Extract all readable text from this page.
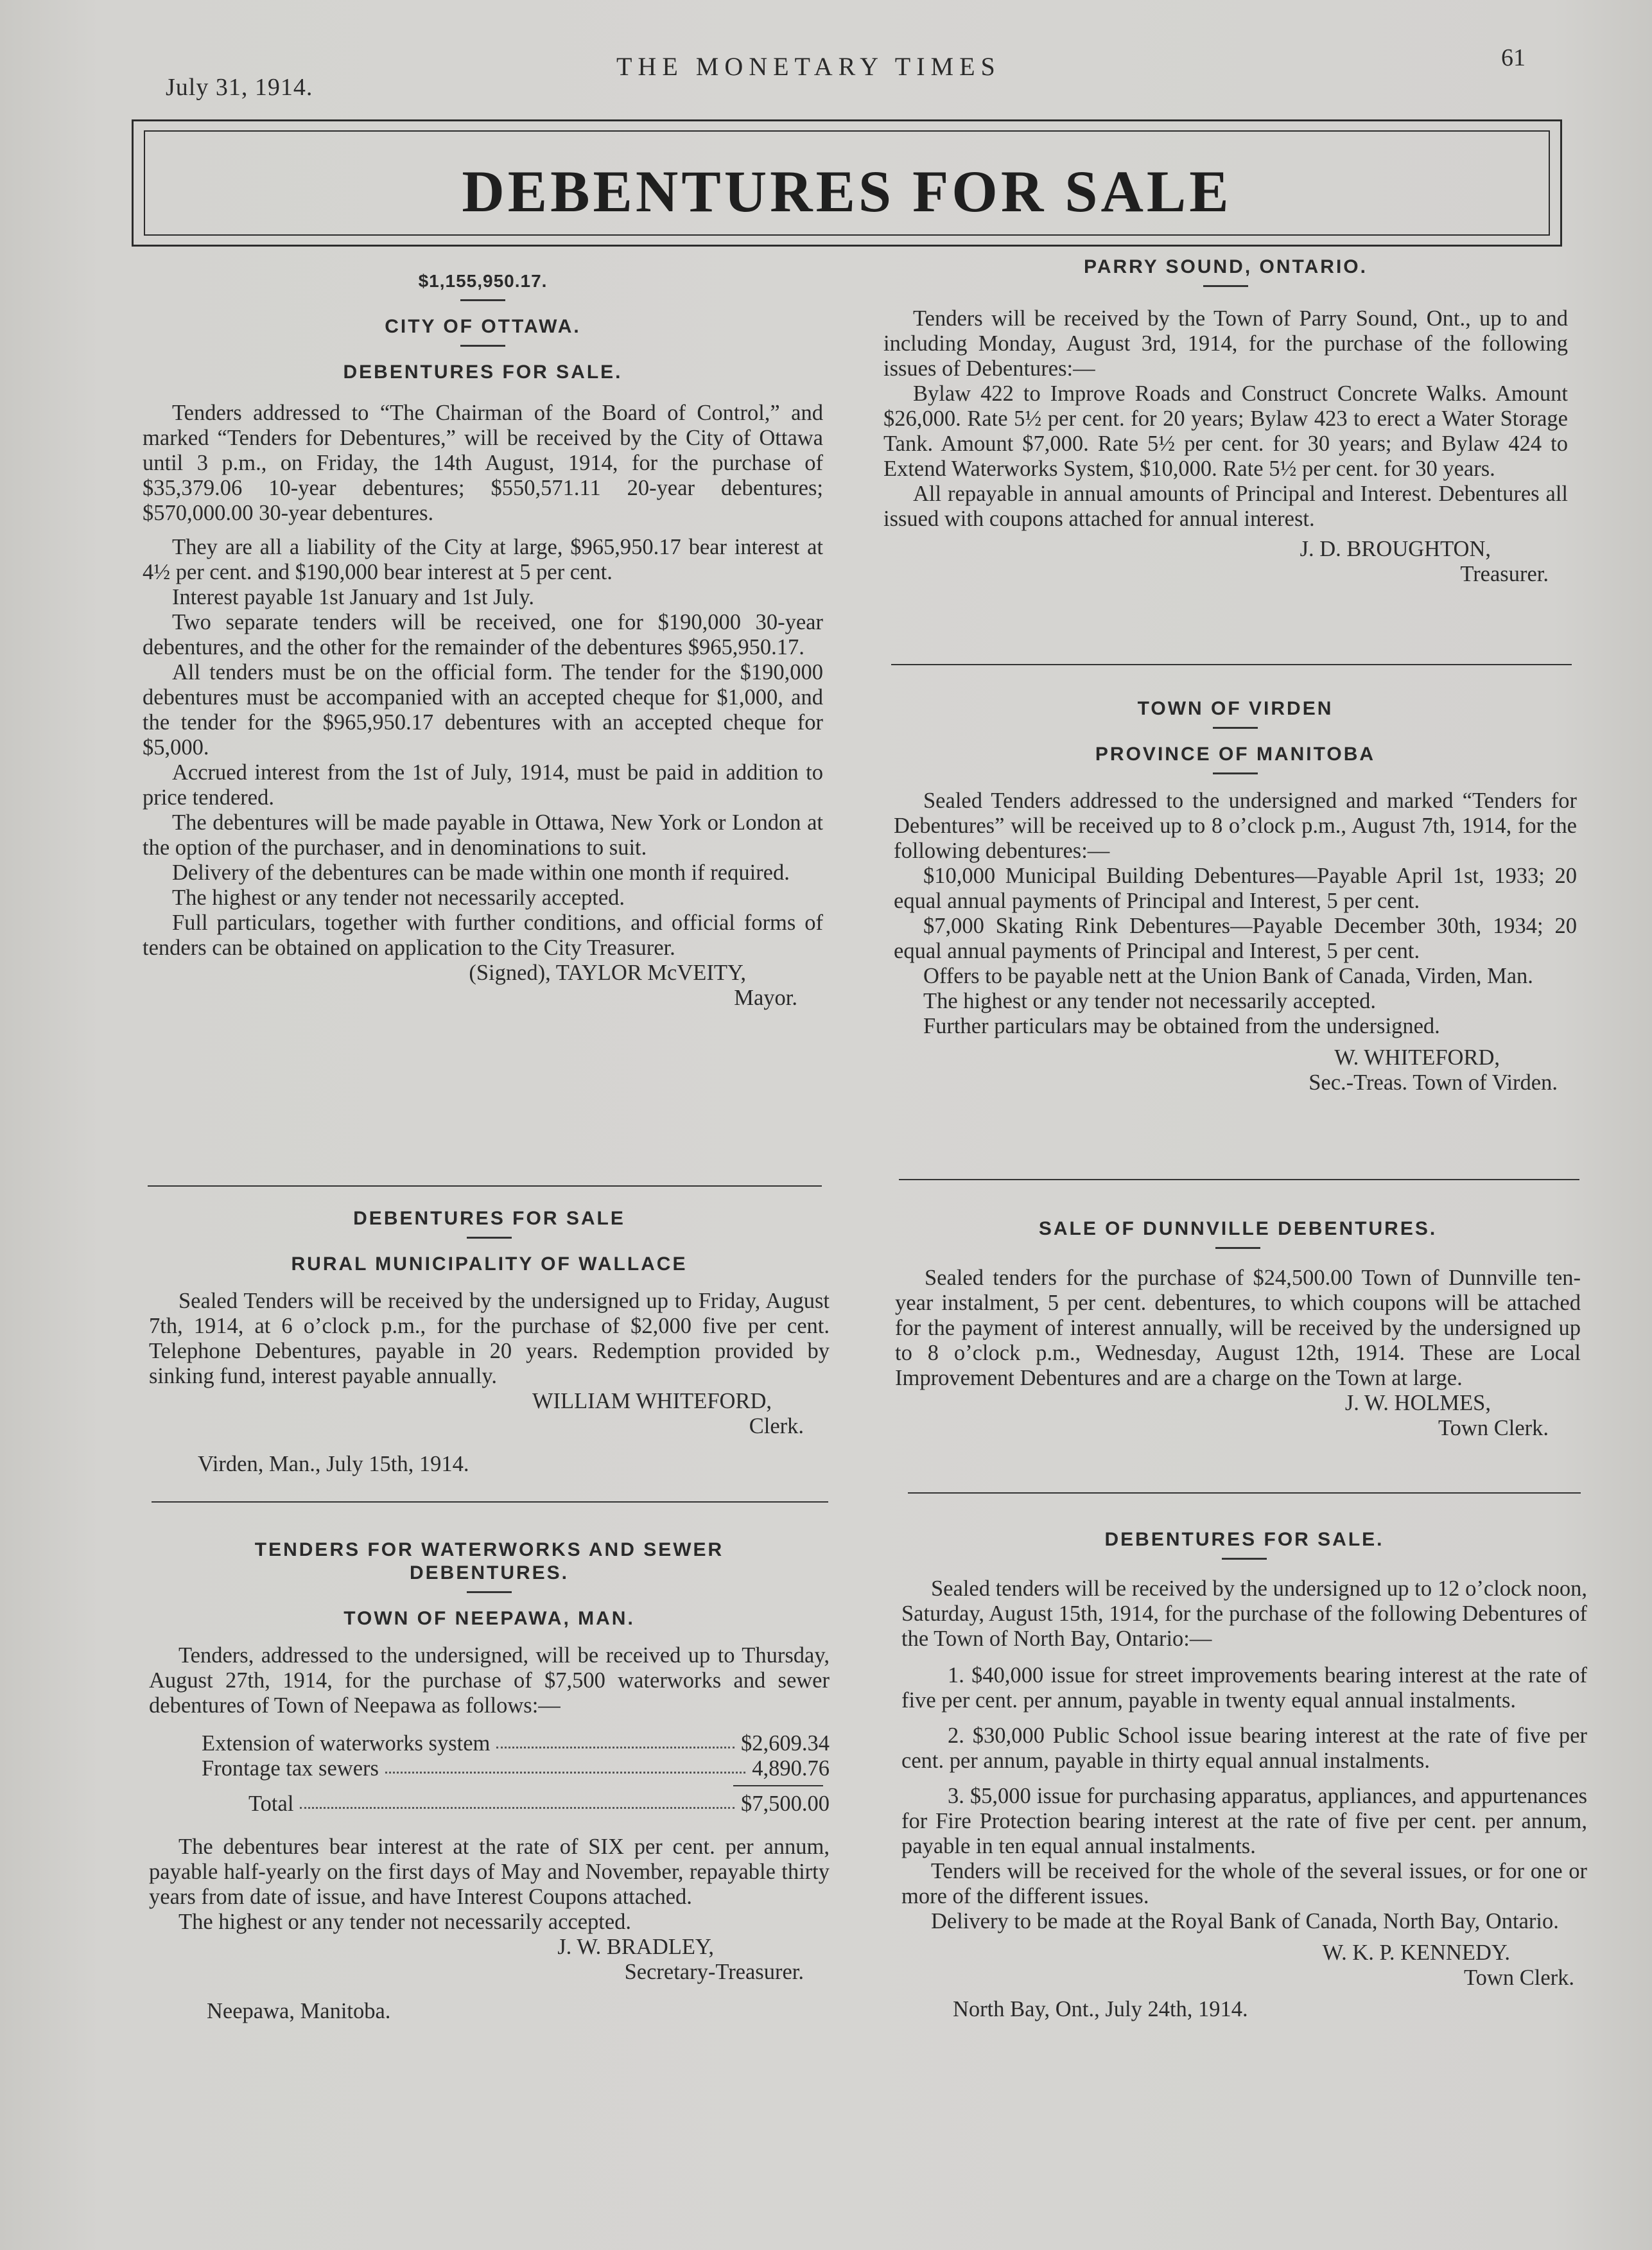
July 31, 1914.
THE MONETARY TIMES	61
DEBENTURES FOR SALE
$1,155,950.17.
CITY OF OTTAWA.
DEBENTURES FOR SALE.

Tenders addressed to “The Chairman of the Board of Control,” and marked “Tenders for Debentures,” will be received by the City of Ottawa until 3 p.m., on Friday, the 14th August, 1914, for the purchase of $35,379.06 10-year debentures; $550,571.11 20-year debentures; $570,000.00 30-year debentures.

They are all a liability of the City at large, $965,950.17 bear interest at 4½ per cent. and $190,000 bear interest at 5 per cent.

Interest payable 1st January and 1st July.

Two separate tenders will be received, one for $190,000 30-year debentures, and the other for the remainder of the debentures $965,950.17.

All tenders must be on the official form. The tender for the $190,000 debentures must be accompanied with an accepted cheque for $1,000, and the tender for the $965,950.17 debentures with an accepted cheque for $5,000.

Accrued interest from the 1st of July, 1914, must be paid in addition to price tendered.

The debentures will be made payable in Ottawa, New York or London at the option of the purchaser, and in denominations to suit.

Delivery of the debentures can be made within one month if required.

The highest or any tender not necessarily accepted.

Full particulars, together with further conditions, and official forms of tenders can be obtained on application to the City Treasurer.

(Signed), TAYLOR McVEITY,

Mayor.

DEBENTURES FOR SALE
RURAL MUNICIPALITY OF WALLACE

Sealed Tenders will be received by the undersigned up to Friday, August 7th, 1914, at 6 o’clock p.m., for the purchase of $2,000 five per cent. Telephone Debentures, payable in 20 years. Redemption provided by sinking fund, interest payable annually.

WILLIAM WHITEFORD,

Clerk.

Virden, Man., July 15th, 1914.

TENDERS FOR WATERWORKS AND SEWER DEBENTURES.
TOWN OF NEEPAWA, MAN.

Tenders, addressed to the undersigned, will be received up to Thursday, August 27th, 1914, for the purchase of $7,500 waterworks and sewer debentures of Town of Neepawa as follows:—

Extension of waterworks system	$2,609.34
Frontage tax sewers	4,890.76
Total	$7,500.00

The debentures bear interest at the rate of SIX per cent. per annum, payable half-yearly on the first days of May and November, repayable thirty years from date of issue, and have Interest Coupons attached.

The highest or any tender not necessarily accepted.

J. W. BRADLEY,

Secretary-Treasurer.

Neepawa, Manitoba.

PARRY SOUND, ONTARIO.

Tenders will be received by the Town of Parry Sound, Ont., up to and including Monday, August 3rd, 1914, for the purchase of the following issues of Debentures:—

Bylaw 422 to Improve Roads and Construct Concrete Walks. Amount $26,000. Rate 5½ per cent. for 20 years; Bylaw 423 to erect a Water Storage Tank. Amount $7,000. Rate 5½ per cent. for 30 years; and Bylaw 424 to Extend Waterworks System, $10,000. Rate 5½ per cent. for 30 years.

All repayable in annual amounts of Principal and Interest. Debentures all issued with coupons attached for annual interest.

J. D. BROUGHTON,

Treasurer.

TOWN OF VIRDEN
PROVINCE OF MANITOBA

Sealed Tenders addressed to the undersigned and marked “Tenders for Debentures” will be received up to 8 o’clock p.m., August 7th, 1914, for the following debentures:—

$10,000 Municipal Building Debentures—Payable April 1st, 1933; 20 equal annual payments of Principal and Interest, 5 per cent.

$7,000 Skating Rink Debentures—Payable December 30th, 1934; 20 equal annual payments of Principal and Interest, 5 per cent.

Offers to be payable nett at the Union Bank of Canada, Virden, Man.

The highest or any tender not necessarily accepted.

Further particulars may be obtained from the undersigned.

W. WHITEFORD,

Sec.-Treas. Town of Virden.

SALE OF DUNNVILLE DEBENTURES.

Sealed tenders for the purchase of $24,500.00 Town of Dunnville ten-year instalment, 5 per cent. debentures, to which coupons will be attached for the payment of interest annually, will be received by the undersigned up to 8 o’clock p.m., Wednesday, August 12th, 1914. These are Local Improvement Debentures and are a charge on the Town at large.

J. W. HOLMES,

Town Clerk.

DEBENTURES FOR SALE.

Sealed tenders will be received by the undersigned up to 12 o’clock noon, Saturday, August 15th, 1914, for the purchase of the following Debentures of the Town of North Bay, Ontario:—

1. $40,000 issue for street improvements bearing interest at the rate of five per cent. per annum, payable in twenty equal annual instalments.

2. $30,000 Public School issue bearing interest at the rate of five per cent. per annum, payable in thirty equal annual instalments.

3. $5,000 issue for purchasing apparatus, appliances, and appurtenances for Fire Protection bearing interest at the rate of five per cent. per annum, payable in ten equal annual instalments.

Tenders will be received for the whole of the several issues, or for one or more of the different issues.

Delivery to be made at the Royal Bank of Canada, North Bay, Ontario.

W. K. P. KENNEDY.

Town Clerk.

North Bay, Ont., July 24th, 1914.
